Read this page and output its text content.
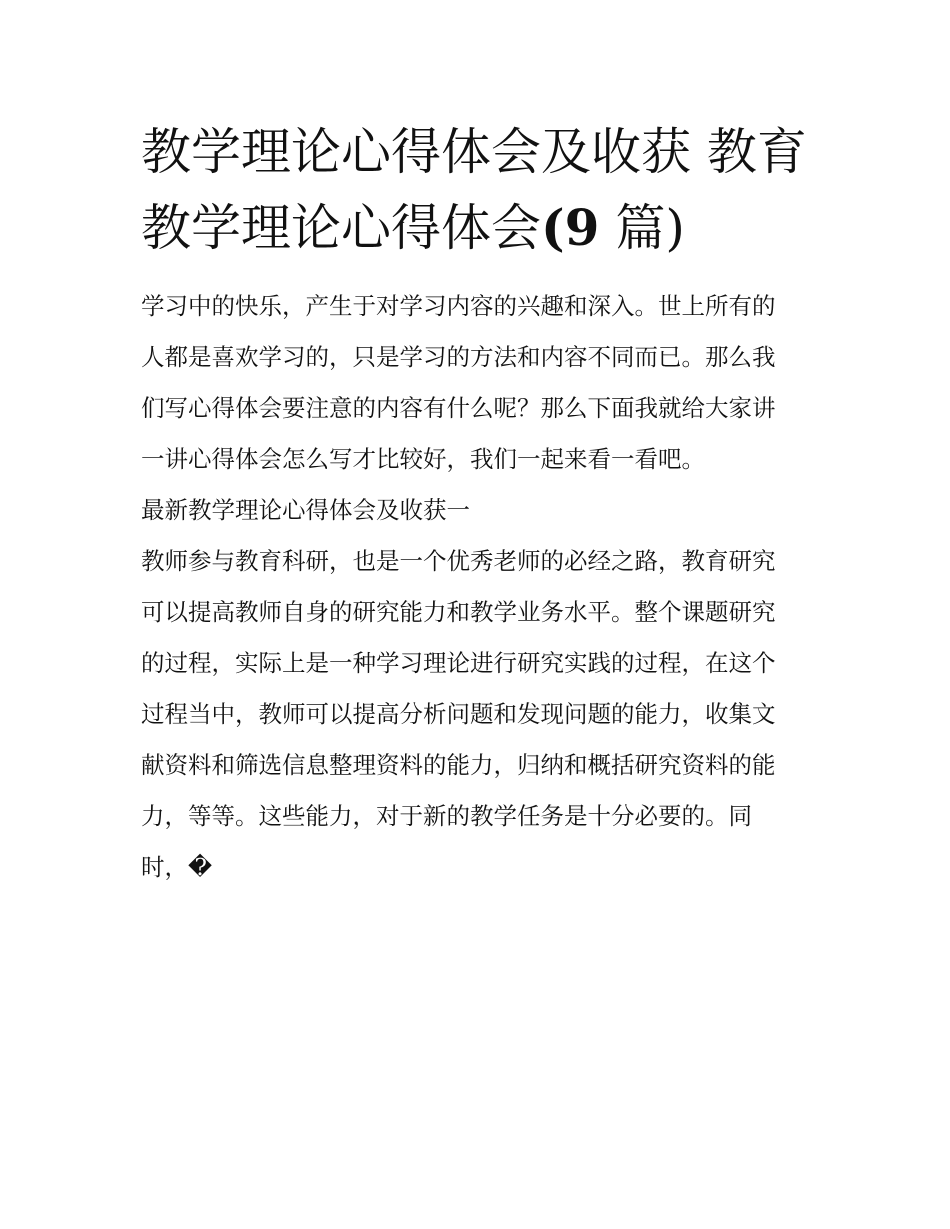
教学理论心得体会及收获 教育
教学理论心得体会(9 篇)

学习中的快乐，产生于对学习内容的兴趣和深入。世上所有的
人都是喜欢学习的，只是学习的方法和内容不同而已。那么我
们写心得体会要注意的内容有什么呢？那么下面我就给大家讲
一讲心得体会怎么写才比较好，我们一起来看一看吧。

最新教学理论心得体会及收获一

教师参与教育科研，也是一个优秀老师的必经之路，教育研究
可以提高教师自身的研究能力和教学业务水平。整个课题研究
的过程，实际上是一种学习理论进行研究实践的过程，在这个
过程当中，教师可以提高分析问题和发现问题的能力，收集文
献资料和筛选信息整理资料的能力，归纳和概括研究资料的能
力，等等。这些能力，对于新的教学任务是十分必要的。同
时，�
